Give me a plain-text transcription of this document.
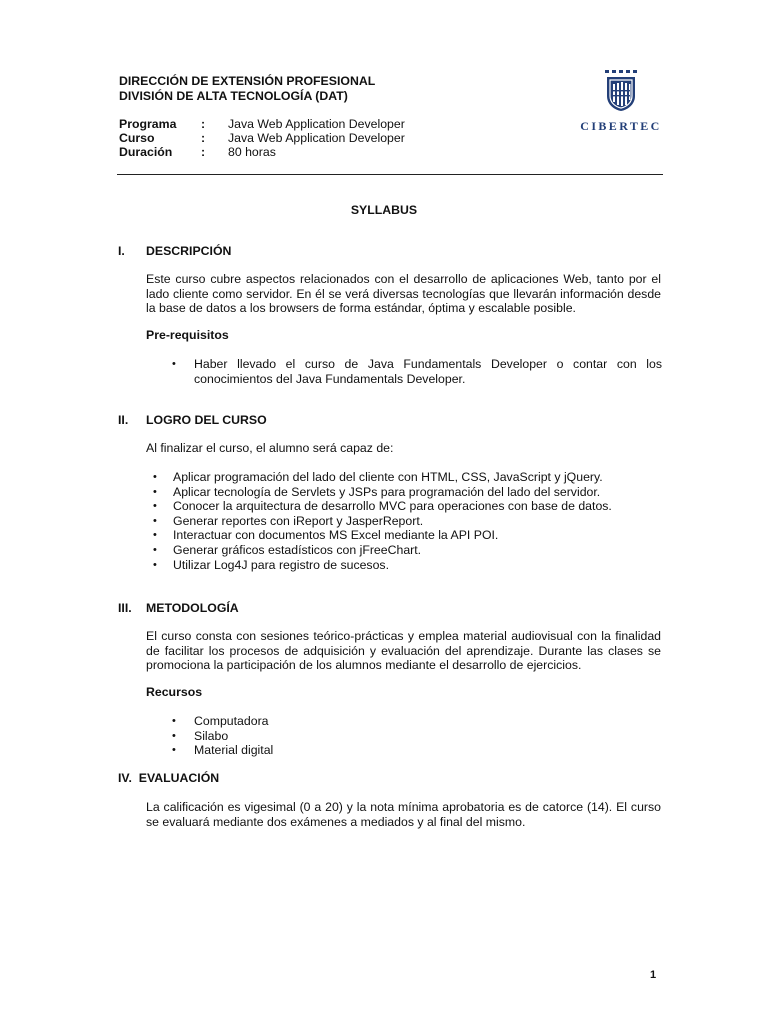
DIRECCIÓN DE EXTENSIÓN PROFESIONAL
DIVISIÓN DE ALTA TECNOLOGÍA (DAT)
Programa	:	Java Web Application Developer
Curso	:	Java Web Application Developer
Duración	:	80 horas
CIBERTEC
SYLLABUS
I. DESCRIPCIÓN
Este curso cubre aspectos relacionados con el desarrollo de aplicaciones Web, tanto por el lado cliente como servidor. En él se verá diversas tecnologías que llevarán información desde la base de datos a los browsers de forma estándar, óptima y escalable posible.
Pre-requisitos
• Haber llevado el curso de Java Fundamentals Developer o contar con los conocimientos del Java Fundamentals Developer.
II. LOGRO DEL CURSO
Al finalizar el curso, el alumno será capaz de:
• Aplicar programación del lado del cliente con HTML, CSS, JavaScript y jQuery.
• Aplicar tecnología de Servlets y JSPs para programación del lado del servidor.
• Conocer la arquitectura de desarrollo MVC para operaciones con base de datos.
• Generar reportes con iReport y JasperReport.
• Interactuar con documentos MS Excel mediante la API POI.
• Generar gráficos estadísticos con jFreeChart.
• Utilizar Log4J para registro de sucesos.
III. METODOLOGÍA
El curso consta con sesiones teórico-prácticas y emplea material audiovisual con la finalidad de facilitar los procesos de adquisición y evaluación del aprendizaje. Durante las clases se promociona la participación de los alumnos mediante el desarrollo de ejercicios.
Recursos
• Computadora
• Silabo
• Material digital
IV. EVALUACIÓN
La calificación es vigesimal (0 a 20) y la nota mínima aprobatoria es de catorce (14). El curso se evaluará mediante dos exámenes a mediados y al final del mismo.
1
